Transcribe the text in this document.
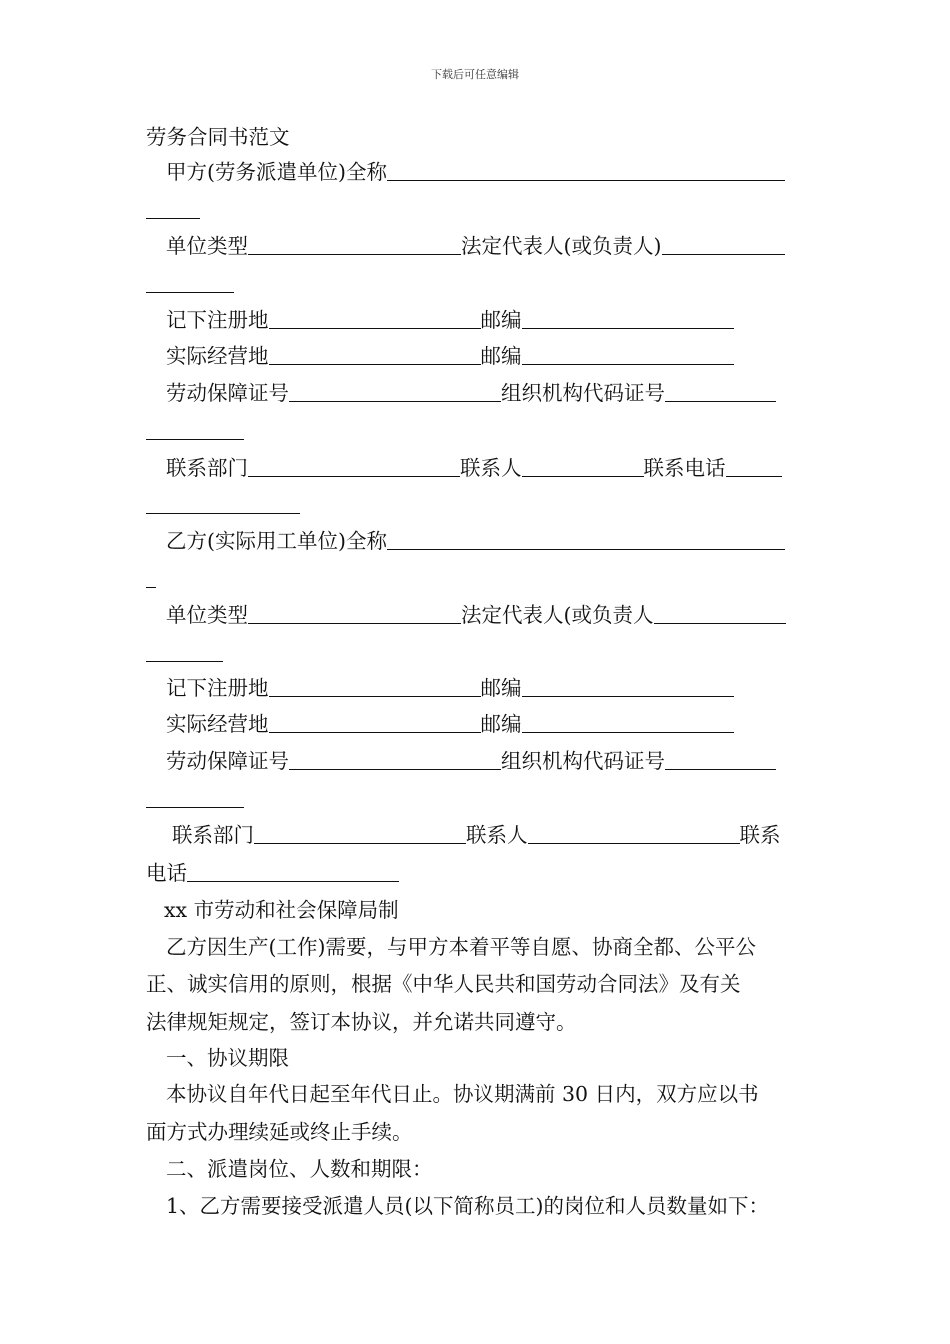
下载后可任意编辑
劳务合同书范文
甲方(劳务派遣单位)全称
单位类型	法定代表人(或负责人)
记下注册地	邮编
实际经营地	邮编
劳动保障证号	组织机构代码证号
联系部门	联系人	联系电话
乙方(实际用工单位)全称
单位类型	法定代表人(或负责人
记下注册地	邮编
实际经营地	邮编
劳动保障证号	组织机构代码证号
联系部门	联系人	联系
电话
xx 市劳动和社会保障局制
乙方因生产(工作)需要，与甲方本着平等自愿、协商全都、公平公
正、诚实信用的原则，根据《中华人民共和国劳动合同法》及有关
法律规矩规定，签订本协议，并允诺共同遵守。
一、协议期限
本协议自年代日起至年代日止。协议期满前 30 日内，双方应以书
面方式办理续延或终止手续。
二、派遣岗位、人数和期限：
1、乙方需要接受派遣人员(以下简称员工)的岗位和人员数量如下：
